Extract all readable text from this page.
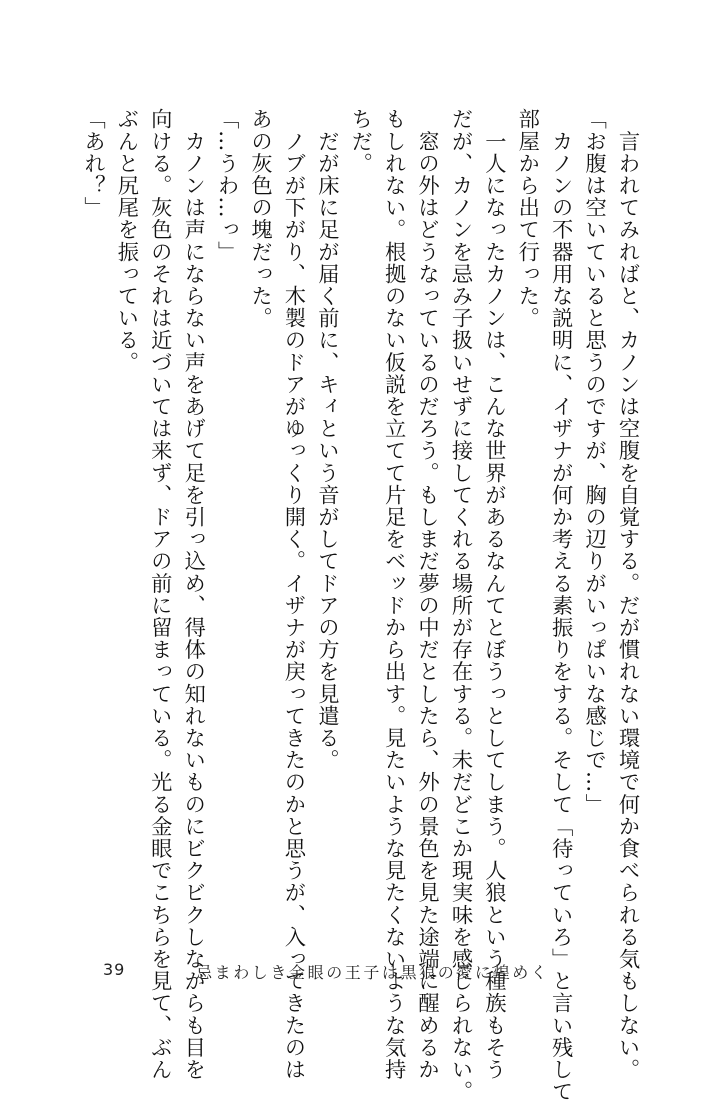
　言われてみればと、カノンは空腹を自覚する。だが慣れない環境で何か食べられる気もしない。
「お腹は空いていると思うのですが、胸の辺りがいっぱいな感じで…」
　カノンの不器用な説明に、イザナが何か考える素振りをする。そして「待っていろ」と言い残して
部屋から出て行った。
　一人になったカノンは、こんな世界があるなんてとぼうっとしてしまう。人狼という種族もそう
だが、カノンを忌み子扱いせずに接してくれる場所が存在する。未だどこか現実味を感じられない。
　窓の外はどうなっているのだろう。もしまだ夢の中だとしたら、外の景色を見た途端に醒めるか
もしれない。根拠のない仮説を立てて片足をベッドから出す。見たいような見たくないような気持
ちだ。
　だが床に足が届く前に、キィという音がしてドアの方を見遣る。
　ノブが下がり、木製のドアがゆっくり開く。イザナが戻ってきたのかと思うが、入ってきたのは
あの灰色の塊だった。
「…うわ…っ」
　カノンは声にならない声をあげて足を引っ込め、得体の知れないものにビクビクしながらも目を
向ける。灰色のそれは近づいては来ず、ドアの前に留まっている。光る金眼でこちらを見て、ぶん
ぶんと尻尾を振っている。
「あれ？」
39	忌まわしき金眼の王子は黒狼の愛に煌めく
